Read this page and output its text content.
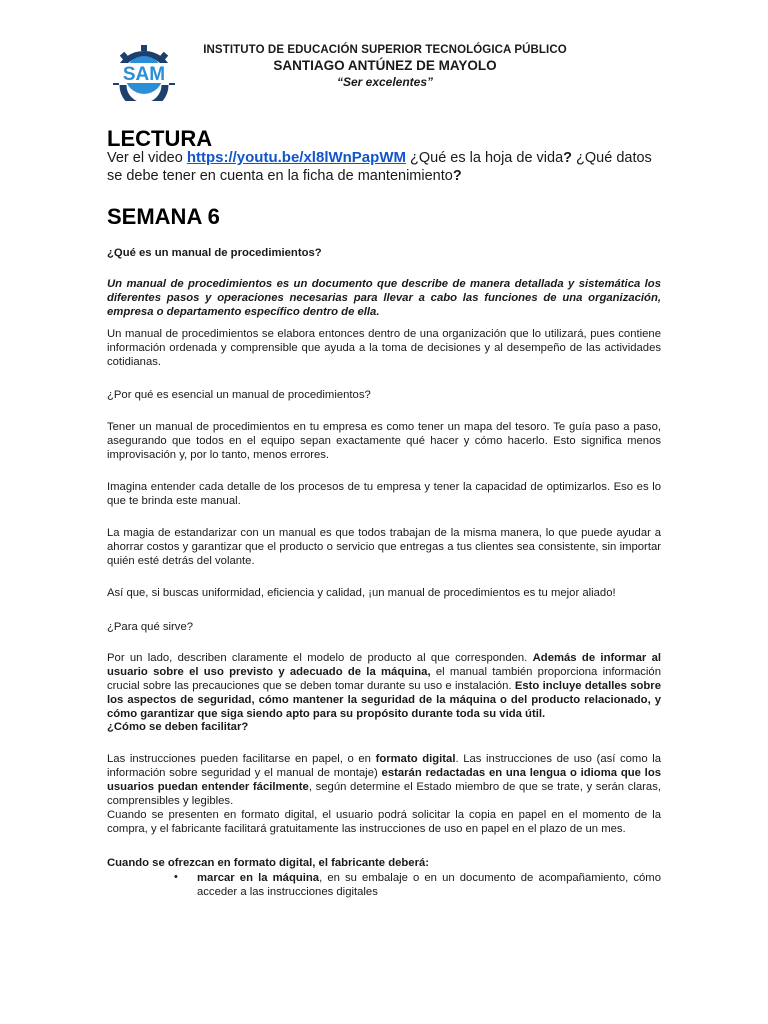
SAM
INSTITUTO DE EDUCACIÓN SUPERIOR TECNOLÓGICA PÚBLICO
SANTIAGO ANTÚNEZ DE MAYOLO
“Ser excelentes”
LECTURA
Ver el video https://youtu.be/xl8lWnPapWM ¿Qué es la hoja de vida? ¿Qué datos se debe tener en cuenta en la ficha de mantenimiento?
SEMANA 6

¿Qué es un manual de procedimientos?

Un manual de procedimientos es un documento que describe de manera detallada y sistemática los diferentes pasos y operaciones necesarias para llevar a cabo las funciones de una organización, empresa o departamento específico dentro de ella.

Un manual de procedimientos se elabora entonces dentro de una organización que lo utilizará, pues contiene información ordenada y comprensible que ayuda a la toma de decisiones y al desempeño de las actividades cotidianas.

¿Por qué es esencial un manual de procedimientos?

Tener un manual de procedimientos en tu empresa es como tener un mapa del tesoro. Te guía paso a paso, asegurando que todos en el equipo sepan exactamente qué hacer y cómo hacerlo. Esto significa menos improvisación y, por lo tanto, menos errores.

Imagina entender cada detalle de los procesos de tu empresa y tener la capacidad de optimizarlos. Eso es lo que te brinda este manual.

La magia de estandarizar con un manual es que todos trabajan de la misma manera, lo que puede ayudar a ahorrar costos y garantizar que el producto o servicio que entregas a tus clientes sea consistente, sin importar quién esté detrás del volante.

Así que, si buscas uniformidad, eficiencia y calidad, ¡un manual de procedimientos es tu mejor aliado!

¿Para qué sirve?

Por un lado, describen claramente el modelo de producto al que corresponden. Además de informar al usuario sobre el uso previsto y adecuado de la máquina, el manual también proporciona información crucial sobre las precauciones que se deben tomar durante su uso e instalación. Esto incluye detalles sobre los aspectos de seguridad, cómo mantener la seguridad de la máquina o del producto relacionado, y cómo garantizar que siga siendo apto para su propósito durante toda su vida útil.

¿Cómo se deben facilitar?

Las instrucciones pueden facilitarse en papel, o en formato digital. Las instrucciones de uso (así como la información sobre seguridad y el manual de montaje) estarán redactadas en una lengua o idioma que los usuarios puedan entender fácilmente, según determine el Estado miembro de que se trate, y serán claras, comprensibles y legibles.

Cuando se presenten en formato digital, el usuario podrá solicitar la copia en papel en el momento de la compra, y el fabricante facilitará gratuitamente las instrucciones de uso en papel en el plazo de un mes.

Cuando se ofrezcan en formato digital, el fabricante deberá:

• marcar en la máquina, en su embalaje o en un documento de acompañamiento, cómo acceder a las instrucciones digitales
